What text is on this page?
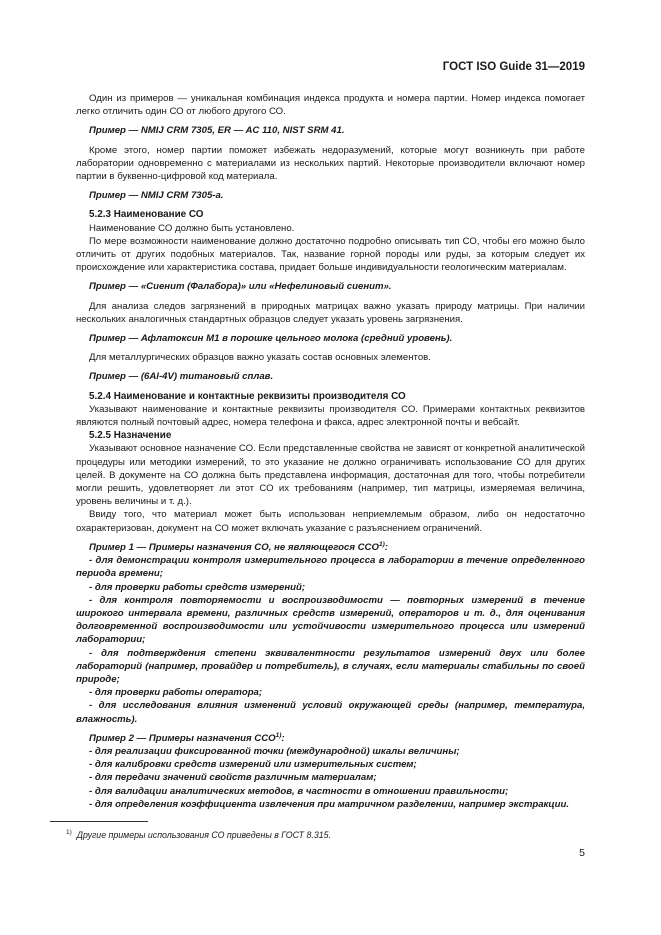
ГОСТ ISO Guide 31—2019

Один из примеров — уникальная комбинация индекса продукта и номера партии. Номер индекса помогает легко отличить один СО от любого другого СО.

Пример — NMIJ CRM 7305, ER — AC 110, NIST SRM 41.

Кроме этого, номер партии поможет избежать недоразумений, которые могут возникнуть при работе лаборатории одновременно с материалами из нескольких партий. Некоторые производители включают номер партии в буквенно-цифровой код материала.

Пример — NMIJ CRM 7305-а.

5.2.3 Наименование СО

Наименование СО должно быть установлено.

По мере возможности наименование должно достаточно подробно описывать тип СО, чтобы его можно было отличить от других подобных материалов. Так, название горной породы или руды, за которым следует их происхождение или характеристика состава, придает больше индивидуальности геологическим материалам.

Пример — «Сиенит (Фалаборa)» или «Нефелиновый сиенит».

Для анализа следов загрязнений в природных матрицах важно указать природу матрицы. При наличии нескольких аналогичных стандартных образцов следует указать уровень загрязнения.

Пример — Афлатоксин М1 в порошке цельного молока (средний уровень).

Для металлургических образцов важно указать состав основных элементов.

Пример — (6Al-4V) титановый сплав.

5.2.4 Наименование и контактные реквизиты производителя СО

Указывают наименование и контактные реквизиты производителя СО. Примерами контактных реквизитов являются полный почтовый адрес, номера телефона и факса, адрес электронной почты и вебсайт.

5.2.5 Назначение

Указывают основное назначение СО. Если представленные свойства не зависят от конкретной аналитической процедуры или методики измерений, то это указание не должно ограничивать использование СО для других целей. В документе на СО должна быть представлена информация, достаточная для того, чтобы потребители могли решить, удовлетворяет ли этот СО их требованиям (например, тип матрицы, измеряемая величина, уровень величины и т. д.).

Ввиду того, что материал может быть использован неприемлемым образом, либо он недостаточно охарактеризован, документ на СО может включать указание с разъяснением ограничений.

Пример 1 — Примеры назначения СО, не являющегося ССО$^{1)}$:

- для демонстрации контроля измерительного процесса в лаборатории в течение определенного периода времени;

- для проверки работы средств измерений;

- для контроля повторяемости и воспроизводимости — повторных измерений в течение широкого интервала времени, различных средств измерений, операторов и т. д., для оценивания долговременной воспроизводимости или устойчивости измерительного процесса или измерений лаборатории;

- для подтверждения степени эквивалентности результатов измерений двух или более лабораторий (например, провайдер и потребитель), в случаях, если материалы стабильны по своей природе;

- для проверки работы оператора;

- для исследования влияния изменений условий окружающей среды (например, температура, влажность).

Пример 2 — Примеры назначения ССО$^{1)}$:

- для реализации фиксированной точки (международной) шкалы величины;

- для калибровки средств измерений или измерительных систем;

- для передачи значений свойств различным материалам;

- для валидации аналитических методов, в частности в отношении правильности;

- для определения коэффициента извлечения при матричном разделении, например экстракции.

$^{1)}$ Другие примеры использования СО приведены в ГОСТ 8.315.
5
